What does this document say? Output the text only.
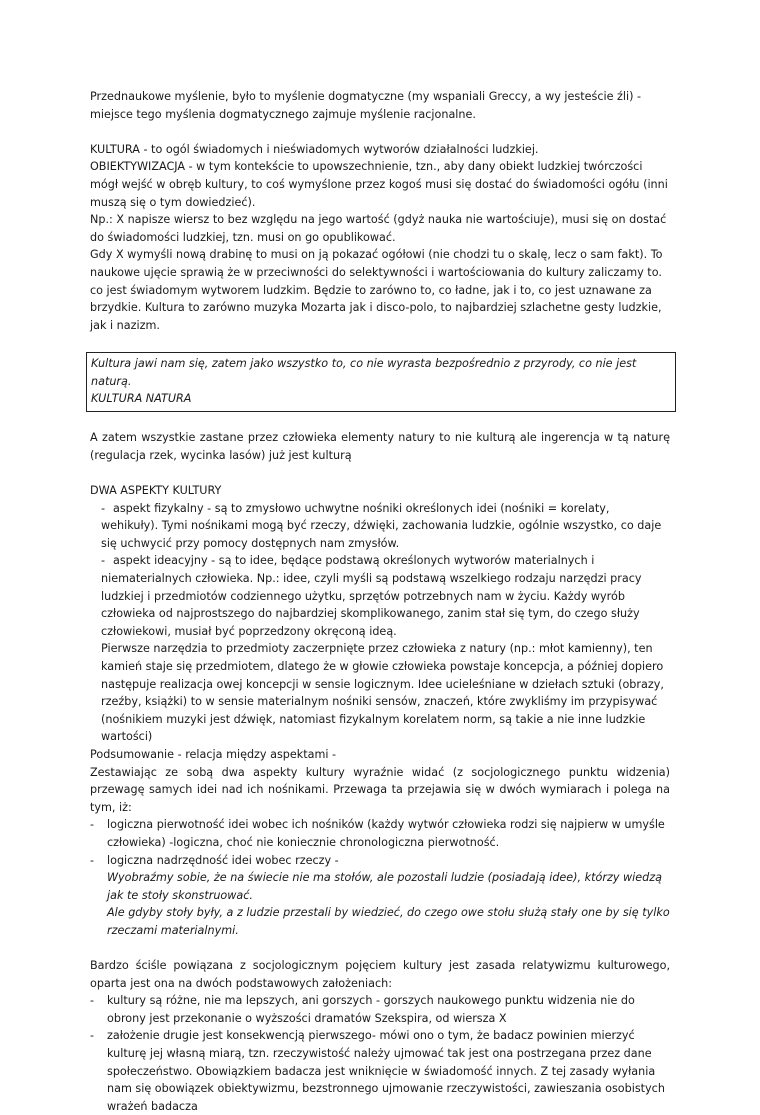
Przednaukowe myślenie, było to myślenie dogmatyczne (my wspaniali Greccy, a wy jesteście źli) - miejsce tego myślenia dogmatycznego zajmuje myślenie racjonalne.

KULTURA - to ogól świadomych i nieświadomych wytworów działalności ludzkiej.

OBIEKTYWIZACJA - w tym kontekście to upowszechnienie, tzn., aby dany obiekt ludzkiej twórczości mógł wejść w obręb kultury, to coś wymyślone przez kogoś musi się dostać do świadomości ogółu (inni muszą się o tym dowiedzieć).

Np.: X napisze wiersz to bez względu na jego wartość (gdyż nauka nie wartościuje), musi się on dostać do świadomości ludzkiej, tzn. musi on go opublikować.

Gdy X wymyśli nową drabinę to musi on ją pokazać ogółowi (nie chodzi tu o skalę, lecz o sam fakt). To naukowe ujęcie sprawią że w przeciwności do selektywności i wartościowania do kultury zaliczamy to. co jest świadomym wytworem ludzkim. Będzie to zarówno to, co ładne, jak i to, co jest uznawane za brzydkie. Kultura to zarówno muzyka Mozarta jak i disco-polo, to najbardziej szlachetne gesty ludzkie, jak i nazizm.

Kultura jawi nam się, zatem jako wszystko to, co nie wyrasta bezpośrednio z przyrody, co nie jest naturą.

KULTURA NATURA

A zatem wszystkie zastane przez człowieka elementy natury to nie kulturą ale ingerencja w tą naturę (regulacja rzek, wycinka lasów) już jest kulturą

DWA ASPEKTY KULTURY

- aspekt fizykalny - są to zmysłowo uchwytne nośniki określonych idei (nośniki = korelaty, wehikuły). Tymi nośnikami mogą być rzeczy, dźwięki, zachowania ludzkie, ogólnie wszystko, co daje się uchwycić przy pomocy dostępnych nam zmysłów.
- aspekt ideacyjny - są to idee, będące podstawą określonych wytworów materialnych i niematerialnych człowieka. Np.: idee, czyli myśli są podstawą wszelkiego rodzaju narzędzi pracy ludzkiej i przedmiotów codziennego użytku, sprzętów potrzebnych nam w życiu. Każdy wyrób człowieka od najprostszego do najbardziej skomplikowanego, zanim stał się tym, do czego służy człowiekowi, musiał być poprzedzony okręconą ideą.
Pierwsze narzędzia to przedmioty zaczerpnięte przez człowieka z natury (np.: młot kamienny), ten kamień staje się przedmiotem, dlatego że w głowie człowieka powstaje koncepcja, a później dopiero następuje realizacja owej koncepcji w sensie logicznym. Idee ucieleśniane w dziełach sztuki (obrazy, rzeźby, książki) to w sensie materialnym nośniki sensów, znaczeń, które zwykliśmy im przypisywać (nośnikiem muzyki jest dźwięk, natomiast fizykalnym korelatem norm, są takie a nie inne ludzkie wartości)

Podsumowanie - relacja między aspektami -

Zestawiając ze sobą dwa aspekty kultury wyraźnie widać (z socjologicznego punktu widzenia) przewagę samych idei nad ich nośnikami. Przewaga ta przejawia się w dwóch wymiarach i polega na tym, iż:

- logiczna pierwotność idei wobec ich nośników (każdy wytwór człowieka rodzi się najpierw w umyśle człowieka) -logiczna, choć nie koniecznie chronologiczna pierwotność.
- logiczna nadrzędność idei wobec rzeczy -

Wyobraźmy sobie, że na świecie nie ma stołów, ale pozostali ludzie (posiadają idee), którzy wiedzą jak te stoły skonstruować.

Ale gdyby stoły były, a z ludzie przestali by wiedzieć, do czego owe stołu służą stały one by się tylko rzeczami materialnymi.

Bardzo ściśle powiązana z socjologicznym pojęciem kultury jest zasada relatywizmu kulturowego, oparta jest ona na dwóch podstawowych założeniach:

- kultury są różne, nie ma lepszych, ani gorszych - gorszych naukowego punktu widzenia nie do obrony jest przekonanie o wyższości dramatów Szekspira, od wiersza X
- założenie drugie jest konsekwencją pierwszego- mówi ono o tym, że badacz powinien mierzyć kulturę jej własną miarą, tzn. rzeczywistość należy ujmować tak jest ona postrzegana przez dane społeczeństwo. Obowiązkiem badacza jest wniknięcie w świadomość innych. Z tej zasady wyłania nam się obowiązek obiektywizmu, bezstronnego ujmowanie rzeczywistości, zawieszania osobistych wrażeń badacza
